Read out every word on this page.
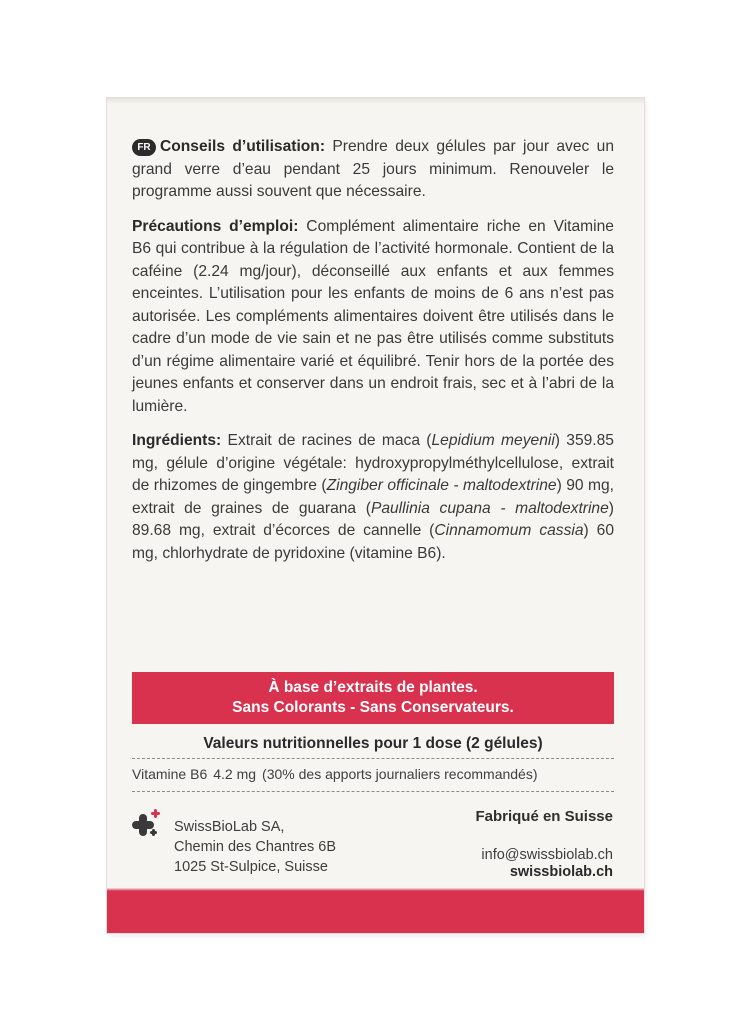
FR Conseils d’utilisation: Prendre deux gélules par jour avec un grand verre d’eau pendant 25 jours minimum. Renouveler le programme aussi souvent que nécessaire.

Précautions d’emploi: Complément alimentaire riche en Vitamine B6 qui contribue à la régulation de l’activité hormonale. Contient de la caféine (2.24 mg/jour), déconseillé aux enfants et aux femmes enceintes. L’utilisation pour les enfants de moins de 6 ans n’est pas autorisée. Les compléments alimentaires doivent être utilisés dans le cadre d’un mode de vie sain et ne pas être utilisés comme substituts d’un régime alimentaire varié et équilibré. Tenir hors de la portée des jeunes enfants et conserver dans un endroit frais, sec et à l’abri de la lumière.

Ingrédients: Extrait de racines de maca (Lepidium meyenii) 359.85 mg, gélule d’origine végétale: hydroxypropylméthylcellulose, extrait de rhizomes de gingembre (Zingiber officinale - maltodextrine) 90 mg, extrait de graines de guarana (Paullinia cupana - maltodextrine) 89.68 mg, extrait d’écorces de cannelle (Cinnamomum cassia) 60 mg, chlorhydrate de pyridoxine (vitamine B6).

À base d’extraits de plantes.
Sans Colorants - Sans Conservateurs.
Valeurs nutritionnelles pour 1 dose (2 gélules)
Vitamine B6 4.2 mg (30% des apports journaliers recommandés)
SwissBioLab SA,
Chemin des Chantres 6B
1025 St-Sulpice, Suisse
Fabriqué en Suisse
info@swissbiolab.ch
swissbiolab.ch
